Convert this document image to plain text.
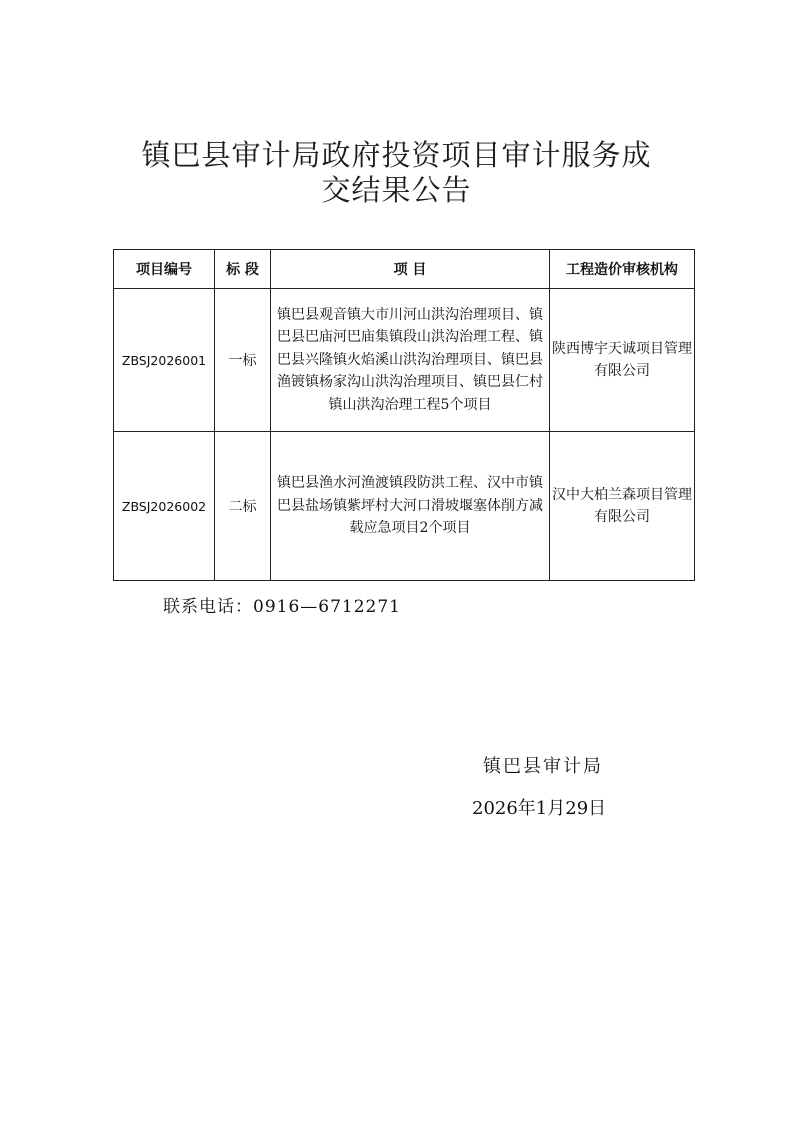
镇巴县审计局政府投资项目审计服务成
交结果公告
项目编号	标 段	项 目	工程造价审核机构
ZBSJ2026001	一标	镇巴县观音镇大市川河山洪沟治理项目、镇巴县巴庙河巴庙集镇段山洪沟治理工程、镇巴县兴隆镇火焰溪山洪沟治理项目、镇巴县渔镀镇杨家沟山洪沟治理项目、镇巴县仁村镇山洪沟治理工程5个项目	陕西博宇天诚项目管理有限公司
ZBSJ2026002	二标	镇巴县渔水河渔渡镇段防洪工程、汉中市镇巴县盐场镇紫坪村大河口滑坡堰塞体削方减载应急项目2个项目	汉中大柏兰森项目管理有限公司
联系电话：0916—6712271
镇巴县审计局
2026年1月29日
